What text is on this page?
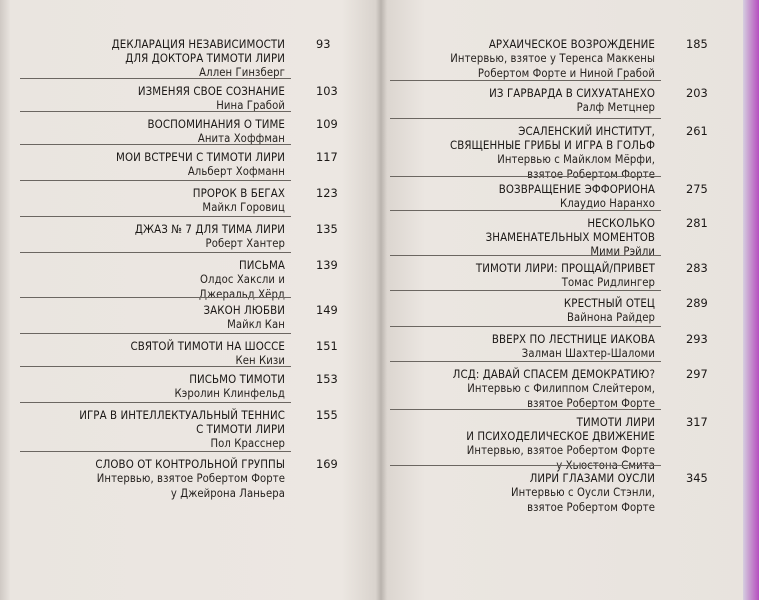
ДЕКЛАРАЦИЯ НЕЗАВИСИМОСТИ
ДЛЯ ДОКТОРА ТИМОТИ ЛИРИ
Аллен Гинзберг
93
ИЗМЕНЯЯ СВОЕ СОЗНАНИЕ
Нина Грабой
103
ВОСПОМИНАНИЯ О ТИМЕ
Анита Хоффман
109
МОИ ВСТРЕЧИ С ТИМОТИ ЛИРИ
Альберт Хофманн
117
ПРОРОК В БЕГАХ
Майкл Горовиц
123
ДЖАЗ № 7 ДЛЯ ТИМА ЛИРИ
Роберт Хантер
135
ПИСЬМА
Олдос Хаксли и
Джеральд Хёрд
139
ЗАКОН ЛЮБВИ
Майкл Кан
149
СВЯТОЙ ТИМОТИ НА ШОССЕ
Кен Кизи
151
ПИСЬМО ТИМОТИ
Кэролин Клинфельд
153
ИГРА В ИНТЕЛЛЕКТУАЛЬНЫЙ ТЕННИС
С ТИМОТИ ЛИРИ
Пол Красснер
155
СЛОВО ОТ КОНТРОЛЬНОЙ ГРУППЫ
Интервью, взятое Робертом Форте
у Джейрона Ланьера
169
АРХАИЧЕСКОЕ ВОЗРОЖДЕНИЕ
Интервью, взятое у Теренса Маккены
Робертом Форте и Ниной Грабой
185
ИЗ ГАРВАРДА В СИХУАТАНЕХО
Ралф Метцнер
203
ЭСАЛЕНСКИЙ ИНСТИТУТ,
СВЯЩЕННЫЕ ГРИБЫ И ИГРА В ГОЛЬФ
Интервью с Майклом Мёрфи,
взятое Робертом Форте
261
ВОЗВРАЩЕНИЕ ЭФФОРИОНА
Клаудио Наранхо
275
НЕСКОЛЬКО
ЗНАМЕНАТЕЛЬНЫХ МОМЕНТОВ
Мими Рэйли
281
ТИМОТИ ЛИРИ: ПРОЩАЙ/ПРИВЕТ
Томас Ридлингер
283
КРЕСТНЫЙ ОТЕЦ
Вайнона Райдер
289
ВВЕРХ ПО ЛЕСТНИЦЕ ИАКОВА
Залман Шахтер-Шаломи
293
ЛСД: ДАВАЙ СПАСЕМ ДЕМОКРАТИЮ?
Интервью с Филиппом Слейтером,
взятое Робертом Форте
297
ТИМОТИ ЛИРИ
И ПСИХОДЕЛИЧЕСКОЕ ДВИЖЕНИЕ
Интервью, взятое Робертом Форте
у Хьюстона Смита
317
ЛИРИ ГЛАЗАМИ ОУСЛИ
Интервью с Оусли Стэнли,
взятое Робертом Форте
345
